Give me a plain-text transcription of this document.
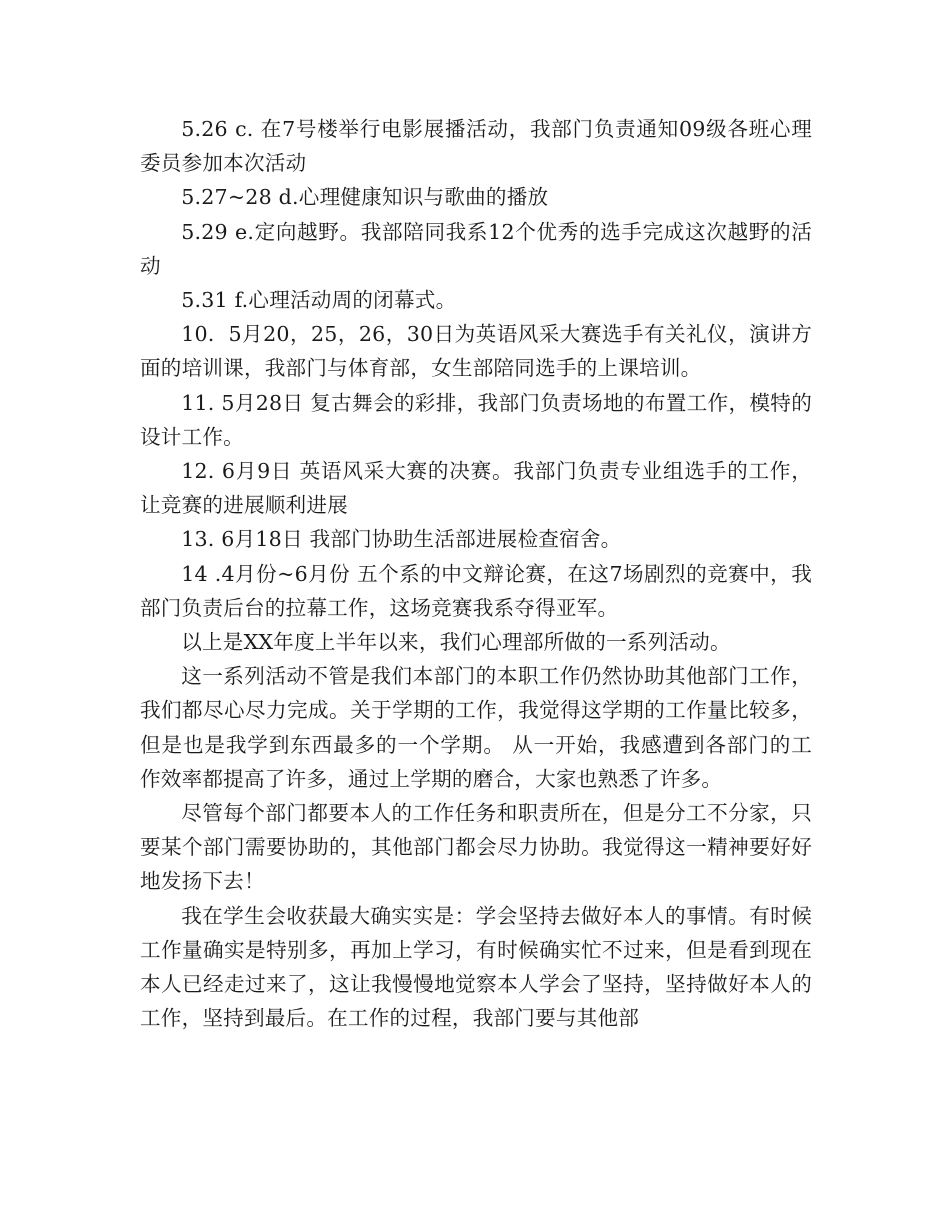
5.26 c. 在7号楼举行电影展播活动，我部门负责通知09级各班心理委员参加本次活动

5.27~28 d.心理健康知识与歌曲的播放

5.29 e.定向越野。我部陪同我系12个优秀的选手完成这次越野的活动

5.31 f.心理活动周的闭幕式。

10.  5月20，25，26，30日为英语风采大赛选手有关礼仪，演讲方面的培训课，我部门与体育部，女生部陪同选手的上课培训。

11. 5月28日 复古舞会的彩排，我部门负责场地的布置工作，模特的设计工作。

12. 6月9日 英语风采大赛的决赛。我部门负责专业组选手的工作，让竞赛的进展顺利进展

13. 6月18日 我部门协助生活部进展检查宿舍。

14 .4月份~6月份 五个系的中文辩论赛，在这7场剧烈的竞赛中，我部门负责后台的拉幕工作，这场竞赛我系夺得亚军。

以上是XX年度上半年以来，我们心理部所做的一系列活动。

这一系列活动不管是我们本部门的本职工作仍然协助其他部门工作，我们都尽心尽力完成。关于学期的工作，我觉得这学期的工作量比较多，但是也是我学到东西最多的一个学期。 从一开始，我感遭到各部门的工作效率都提高了许多，通过上学期的磨合，大家也熟悉了许多。

尽管每个部门都要本人的工作任务和职责所在，但是分工不分家，只要某个部门需要协助的，其他部门都会尽力协助。我觉得这一精神要好好地发扬下去！

我在学生会收获最大确实实是：学会坚持去做好本人的事情。有时候工作量确实是特别多，再加上学习，有时候确实忙不过来，但是看到现在本人已经走过来了，这让我慢慢地觉察本人学会了坚持，坚持做好本人的工作，坚持到最后。在工作的过程，我部门要与其他部
